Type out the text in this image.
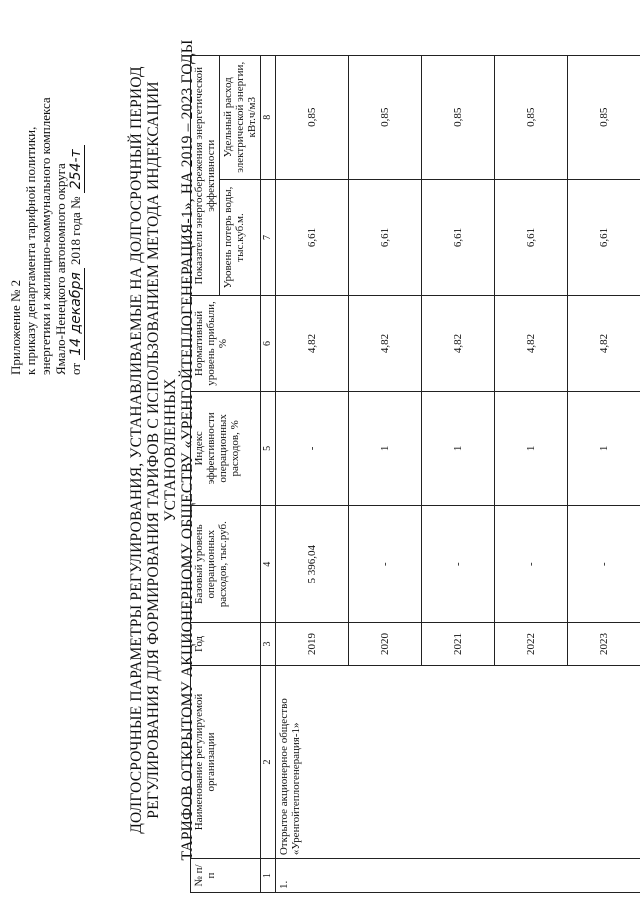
Приложение № 2 к приказу департамента тарифной политики, энергетики и жилищно-коммунального комплекса Ямало-Ненецкого автономного округа от 14 декабря 2018 года № 254-т	ДОЛГОСРОЧНЫЕ ПАРАМЕТРЫ РЕГУЛИРОВАНИЯ, УСТАНАВЛИВАЕМЫЕ НА ДОЛГОСРОЧНЫЙ ПЕРИОД РЕГУЛИРОВАНИЯ ДЛЯ ФОРМИРОВАНИЯ ТАРИФОВ С ИСПОЛЬЗОВАНИЕМ МЕТОДА ИНДЕКСАЦИИ УСТАНОВЛЕННЫХ ТАРИФОВ ОТКРЫТОМУ АКЦИОНЕРНОМУ ОБЩЕСТВУ «УРЕНГОЙТЕПЛОГЕНЕРАЦИЯ-1», НА 2019 – 2023 ГОДЫ
№ п/п	Наименование регулируемой организации	Год	Базовый уровень операционных расходов, тыс.руб.	Индекс эффективности операционных расходов, %	Нормативный уровень прибыли, %	Показатели энергосбережения энергетической эффективности	
						Уровень потерь воды, тыс.куб.м.	Удельный расход электрической энергии, кВт.ч/м3
1	2	3	4	5	6	7	8
1.	Открытое акционерное общество «Уренгойтеплогенерация-1»	2019	5 396,04	-	4,82	6,61	0,85
		2020	-	1	4,82	6,61	0,85
		2021	-	1	4,82	6,61	0,85
		2022	-	1	4,82	6,61	0,85
		2023	-	1	4,82	6,61	0,85
